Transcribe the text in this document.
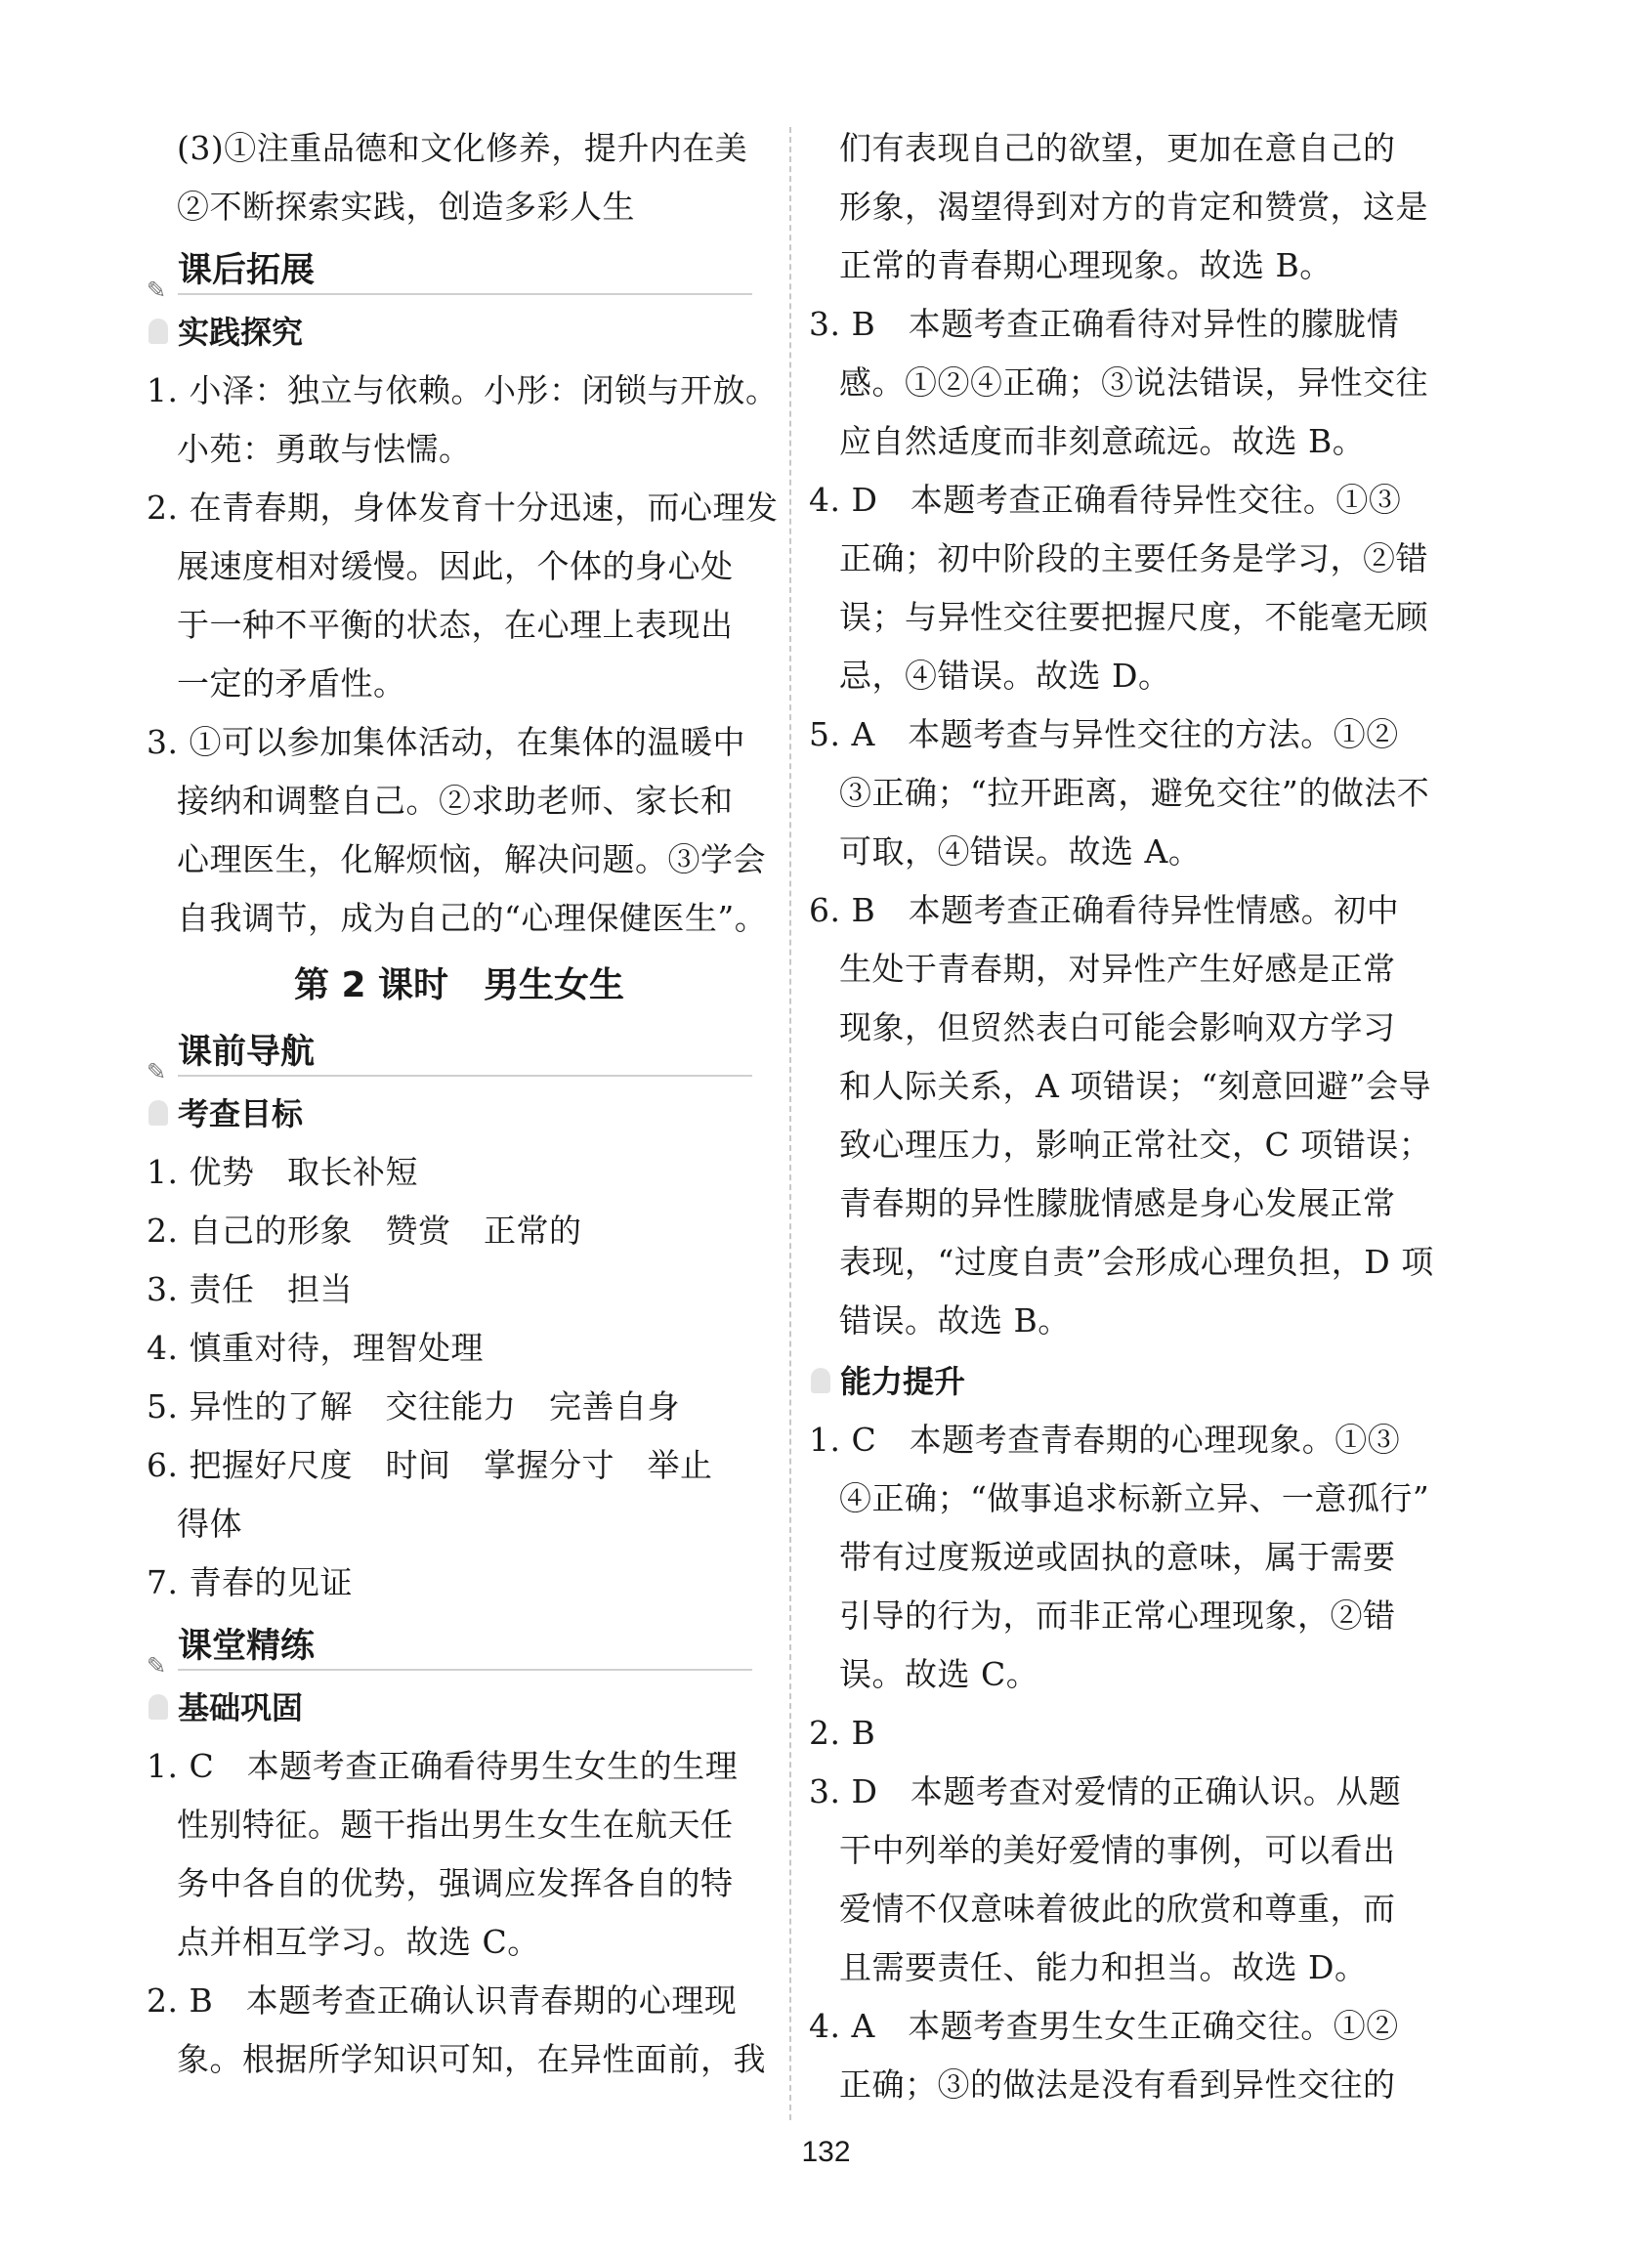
(3)①注重品德和文化修养，提升内在美
②不断探索实践，创造多彩人生
✎ 课后拓展
实践探究
1. 小泽：独立与依赖。小彤：闭锁与开放。
小苑：勇敢与怯懦。
2. 在青春期，身体发育十分迅速，而心理发
展速度相对缓慢。因此，个体的身心处
于一种不平衡的状态，在心理上表现出
一定的矛盾性。
3. ①可以参加集体活动，在集体的温暖中
接纳和调整自己。②求助老师、家长和
心理医生，化解烦恼，解决问题。③学会
自我调节，成为自己的“心理保健医生”。
第 2 课时　男生女生
✎ 课前导航
考查目标
1. 优势　取长补短
2. 自己的形象　赞赏　正常的
3. 责任　担当
4. 慎重对待，理智处理
5. 异性的了解　交往能力　完善自身
6. 把握好尺度　时间　掌握分寸　举止
得体
7. 青春的见证
✎ 课堂精练
基础巩固
1. C　本题考查正确看待男生女生的生理
性别特征。题干指出男生女生在航天任
务中各自的优势，强调应发挥各自的特
点并相互学习。故选 C。
2. B　本题考查正确认识青春期的心理现
象。根据所学知识可知，在异性面前，我
们有表现自己的欲望，更加在意自己的
形象，渴望得到对方的肯定和赞赏，这是
正常的青春期心理现象。故选 B。
3. B　本题考查正确看待对异性的朦胧情
感。①②④正确；③说法错误，异性交往
应自然适度而非刻意疏远。故选 B。
4. D　本题考查正确看待异性交往。①③
正确；初中阶段的主要任务是学习，②错
误；与异性交往要把握尺度，不能毫无顾
忌，④错误。故选 D。
5. A　本题考查与异性交往的方法。①②
③正确；“拉开距离，避免交往”的做法不
可取，④错误。故选 A。
6. B　本题考查正确看待异性情感。初中
生处于青春期，对异性产生好感是正常
现象，但贸然表白可能会影响双方学习
和人际关系，A 项错误；“刻意回避”会导
致心理压力，影响正常社交，C 项错误；
青春期的异性朦胧情感是身心发展正常
表现，“过度自责”会形成心理负担，D 项
错误。故选 B。
能力提升
1. C　本题考查青春期的心理现象。①③
④正确；“做事追求标新立异、一意孤行”
带有过度叛逆或固执的意味，属于需要
引导的行为，而非正常心理现象，②错
误。故选 C。
2. B
3. D　本题考查对爱情的正确认识。从题
干中列举的美好爱情的事例，可以看出
爱情不仅意味着彼此的欣赏和尊重，而
且需要责任、能力和担当。故选 D。
4. A　本题考查男生女生正确交往。①②
正确；③的做法是没有看到异性交往的
132
